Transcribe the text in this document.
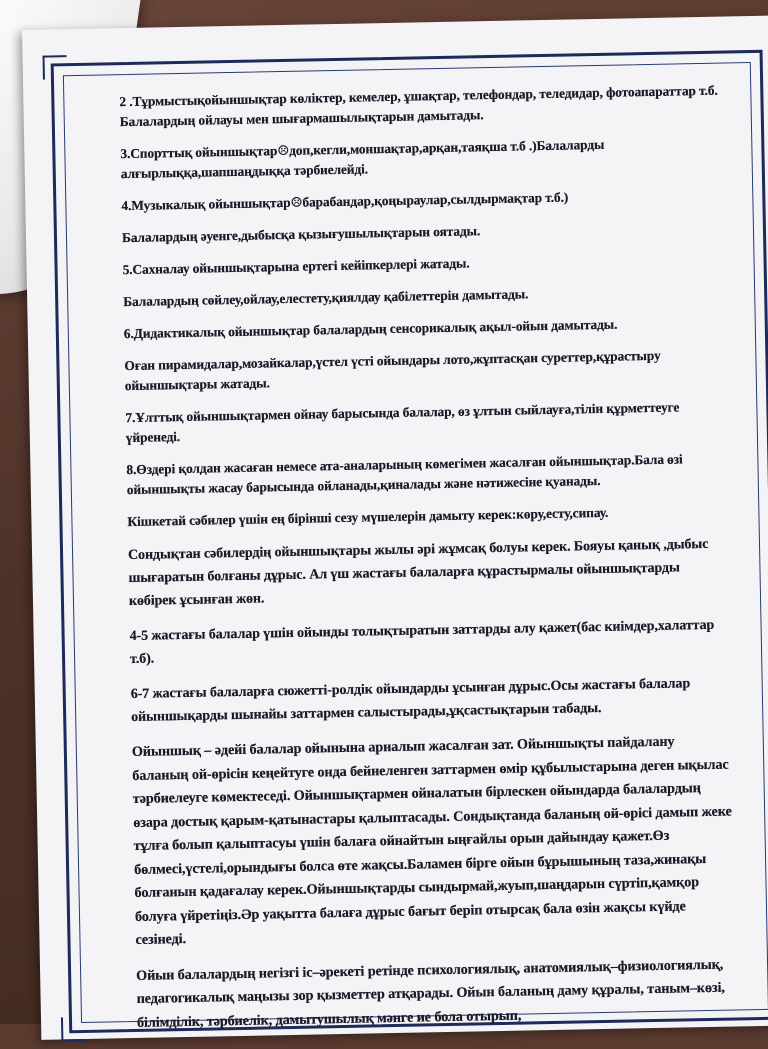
2 .Тұрмыстықойыншықтар көліктер, кемелер, ұшақтар, телефондар, теледидар, фотоапараттар т.б. Балалардың ойлауы мен шығармашылықтарын дамытады.

3.Спорттық ойыншықтар☹доп,кегли,моншақтар,арқан,таяқша т.б .)Балаларды алғырлыққа,шапшаңдыққа тәрбиелейді.

4.Музыкалық ойыншықтар☹барабандар,қоңыраулар,сылдырмақтар т.б.)

Балалардың әуенге,дыбысқа қызығушылықтарын оятады.

5.Сахналау ойыншықтарына ертегі кейіпкерлері жатады.

Балалардың сөйлеу,ойлау,елестету,қиялдау қабілеттерін дамытады.

6.Дидактикалық ойыншықтар балалардың сенсорикалық ақыл-ойын дамытады.

Оған пирамидалар,мозайкалар,үстел үсті ойындары лото,жұптасқан суреттер,құрастыру ойыншықтары жатады.

7.Ұлттық ойыншықтармен ойнау барысында балалар, өз ұлтын сыйлауға,тілін құрметтеуге үйренеді.

8.Өздері қолдан жасаған немесе ата-аналарының көмегімен жасалған ойыншықтар.Бала өзі ойыншықты жасау барысында ойланады,қиналады және нәтижесіне қуанады.

Кішкетай сәбилер үшін ең бірінші сезу мүшелерін дамыту керек:көру,есту,сипау.

Сондықтан сәбилердің ойыншықтары жылы әрі жұмсақ болуы керек. Бояуы қанық ,дыбыс шығаратын болғаны дұрыс. Ал үш жастағы балаларға құрастырмалы ойыншықтарды көбірек ұсынған жөн.

4-5 жастағы балалар үшін ойынды толықтыратын заттарды алу қажет(бас киімдер,халаттар т.б).

6-7 жастағы балаларға сюжетті-ролдік ойындарды ұсынған дұрыс.Осы жастағы балалар ойыншықарды шынайы заттармен салыстырады,ұқсастықтарын табады.

Ойыншық – әдейі балалар ойынына арналып жасалған зат. Ойыншықты пайдалану баланың ой-өрісін кеңейтуге онда бейнеленген заттармен өмір құбылыстарына деген ықылас тәрбиелеуге көмектеседі. Ойыншықтармен ойналатын бірлескен ойындарда балалардың өзара достық қарым-қатынастары қалыптасады. Сондықтанда баланың ой-өрісі дамып жеке тұлға болып қалыптасуы үшін балаға ойнайтын ыңғайлы орын дайындау қажет.Өз бөлмесі,үстелі,орындығы болса өте жақсы.Баламен бірге ойын бұрышының таза,жинақы болғанын қадағалау керек.Ойыншықтарды сындырмай,жуып,шаңдарын сүртіп,қамқор болуға үйретіңіз.Әр уақытта балаға дұрыс бағыт беріп отырсақ бала өзін жақсы күйде сезінеді.

Ойын балалардың негізгі іс–әрекеті ретінде психологиялық, анатомиялық–физиологиялық, педагогикалық маңызы зор қызметтер атқарады. Ойын баланың даму құралы, таным–көзі, білімділік, тәрбиелік, дамытушылық мәнге ие бола отырып,
